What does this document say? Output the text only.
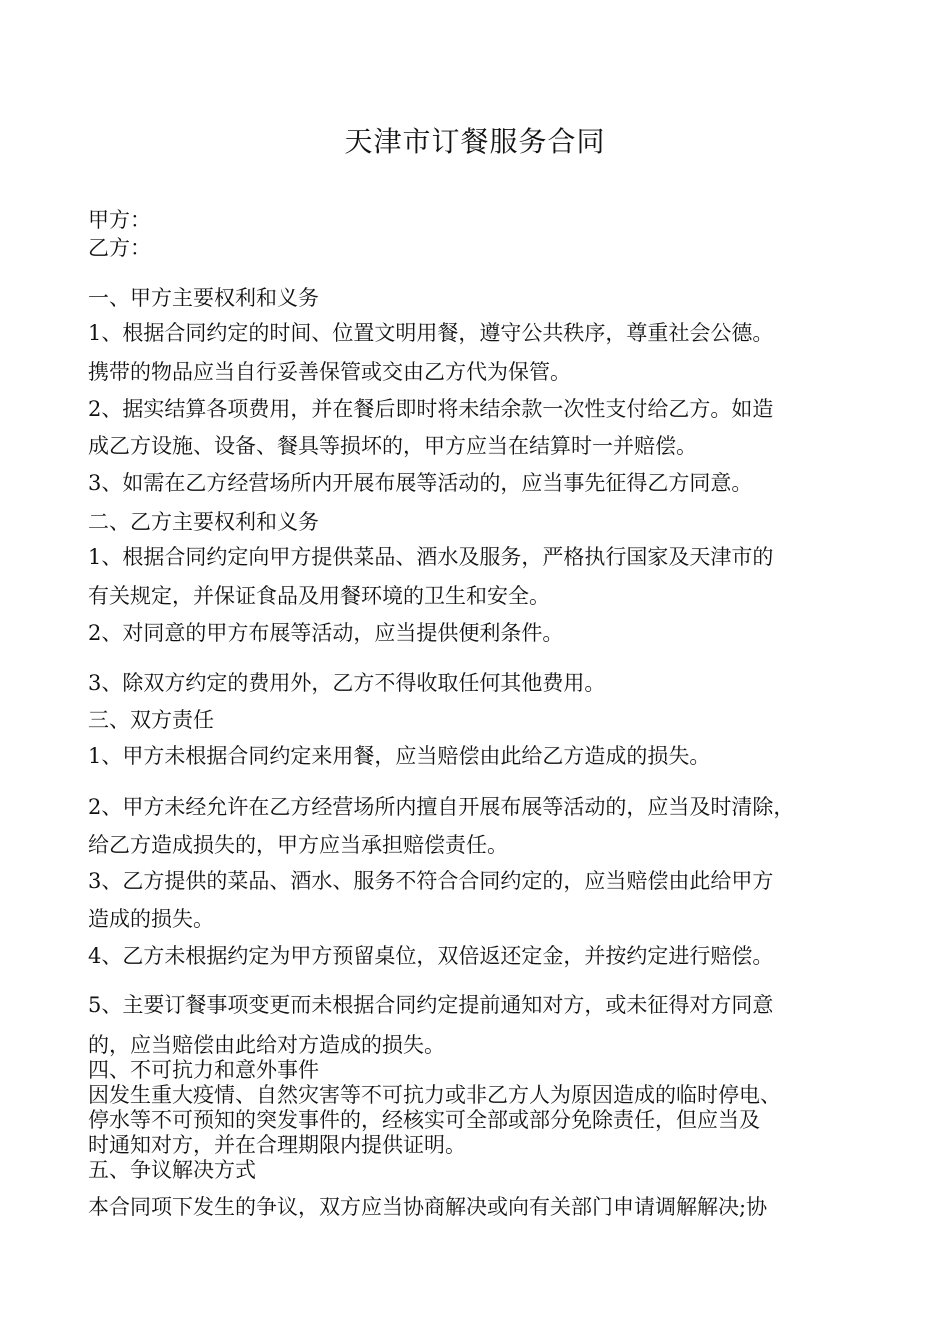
天津市订餐服务合同
甲方：
乙方：
一、甲方主要权利和义务
1、根据合同约定的时间、位置文明用餐，遵守公共秩序，尊重社会公德。
携带的物品应当自行妥善保管或交由乙方代为保管。
2、据实结算各项费用，并在餐后即时将未结余款一次性支付给乙方。如造
成乙方设施、设备、餐具等损坏的，甲方应当在结算时一并赔偿。
3、如需在乙方经营场所内开展布展等活动的，应当事先征得乙方同意。
二、乙方主要权利和义务
1、根据合同约定向甲方提供菜品、酒水及服务，严格执行国家及天津市的
有关规定，并保证食品及用餐环境的卫生和安全。
2、对同意的甲方布展等活动，应当提供便利条件。
3、除双方约定的费用外，乙方不得收取任何其他费用。
三、双方责任
1、甲方未根据合同约定来用餐，应当赔偿由此给乙方造成的损失。
2、甲方未经允许在乙方经营场所内擅自开展布展等活动的，应当及时清除，
给乙方造成损失的，甲方应当承担赔偿责任。
3、乙方提供的菜品、酒水、服务不符合合同约定的，应当赔偿由此给甲方
造成的损失。
4、乙方未根据约定为甲方预留桌位，双倍返还定金，并按约定进行赔偿。
5、主要订餐事项变更而未根据合同约定提前通知对方，或未征得对方同意
的，应当赔偿由此给对方造成的损失。
四、不可抗力和意外事件
因发生重大疫情、自然灾害等不可抗力或非乙方人为原因造成的临时停电、
停水等不可预知的突发事件的，经核实可全部或部分免除责任，但应当及
时通知对方，并在合理期限内提供证明。
五、争议解决方式
本合同项下发生的争议，双方应当协商解决或向有关部门申请调解解决;协
